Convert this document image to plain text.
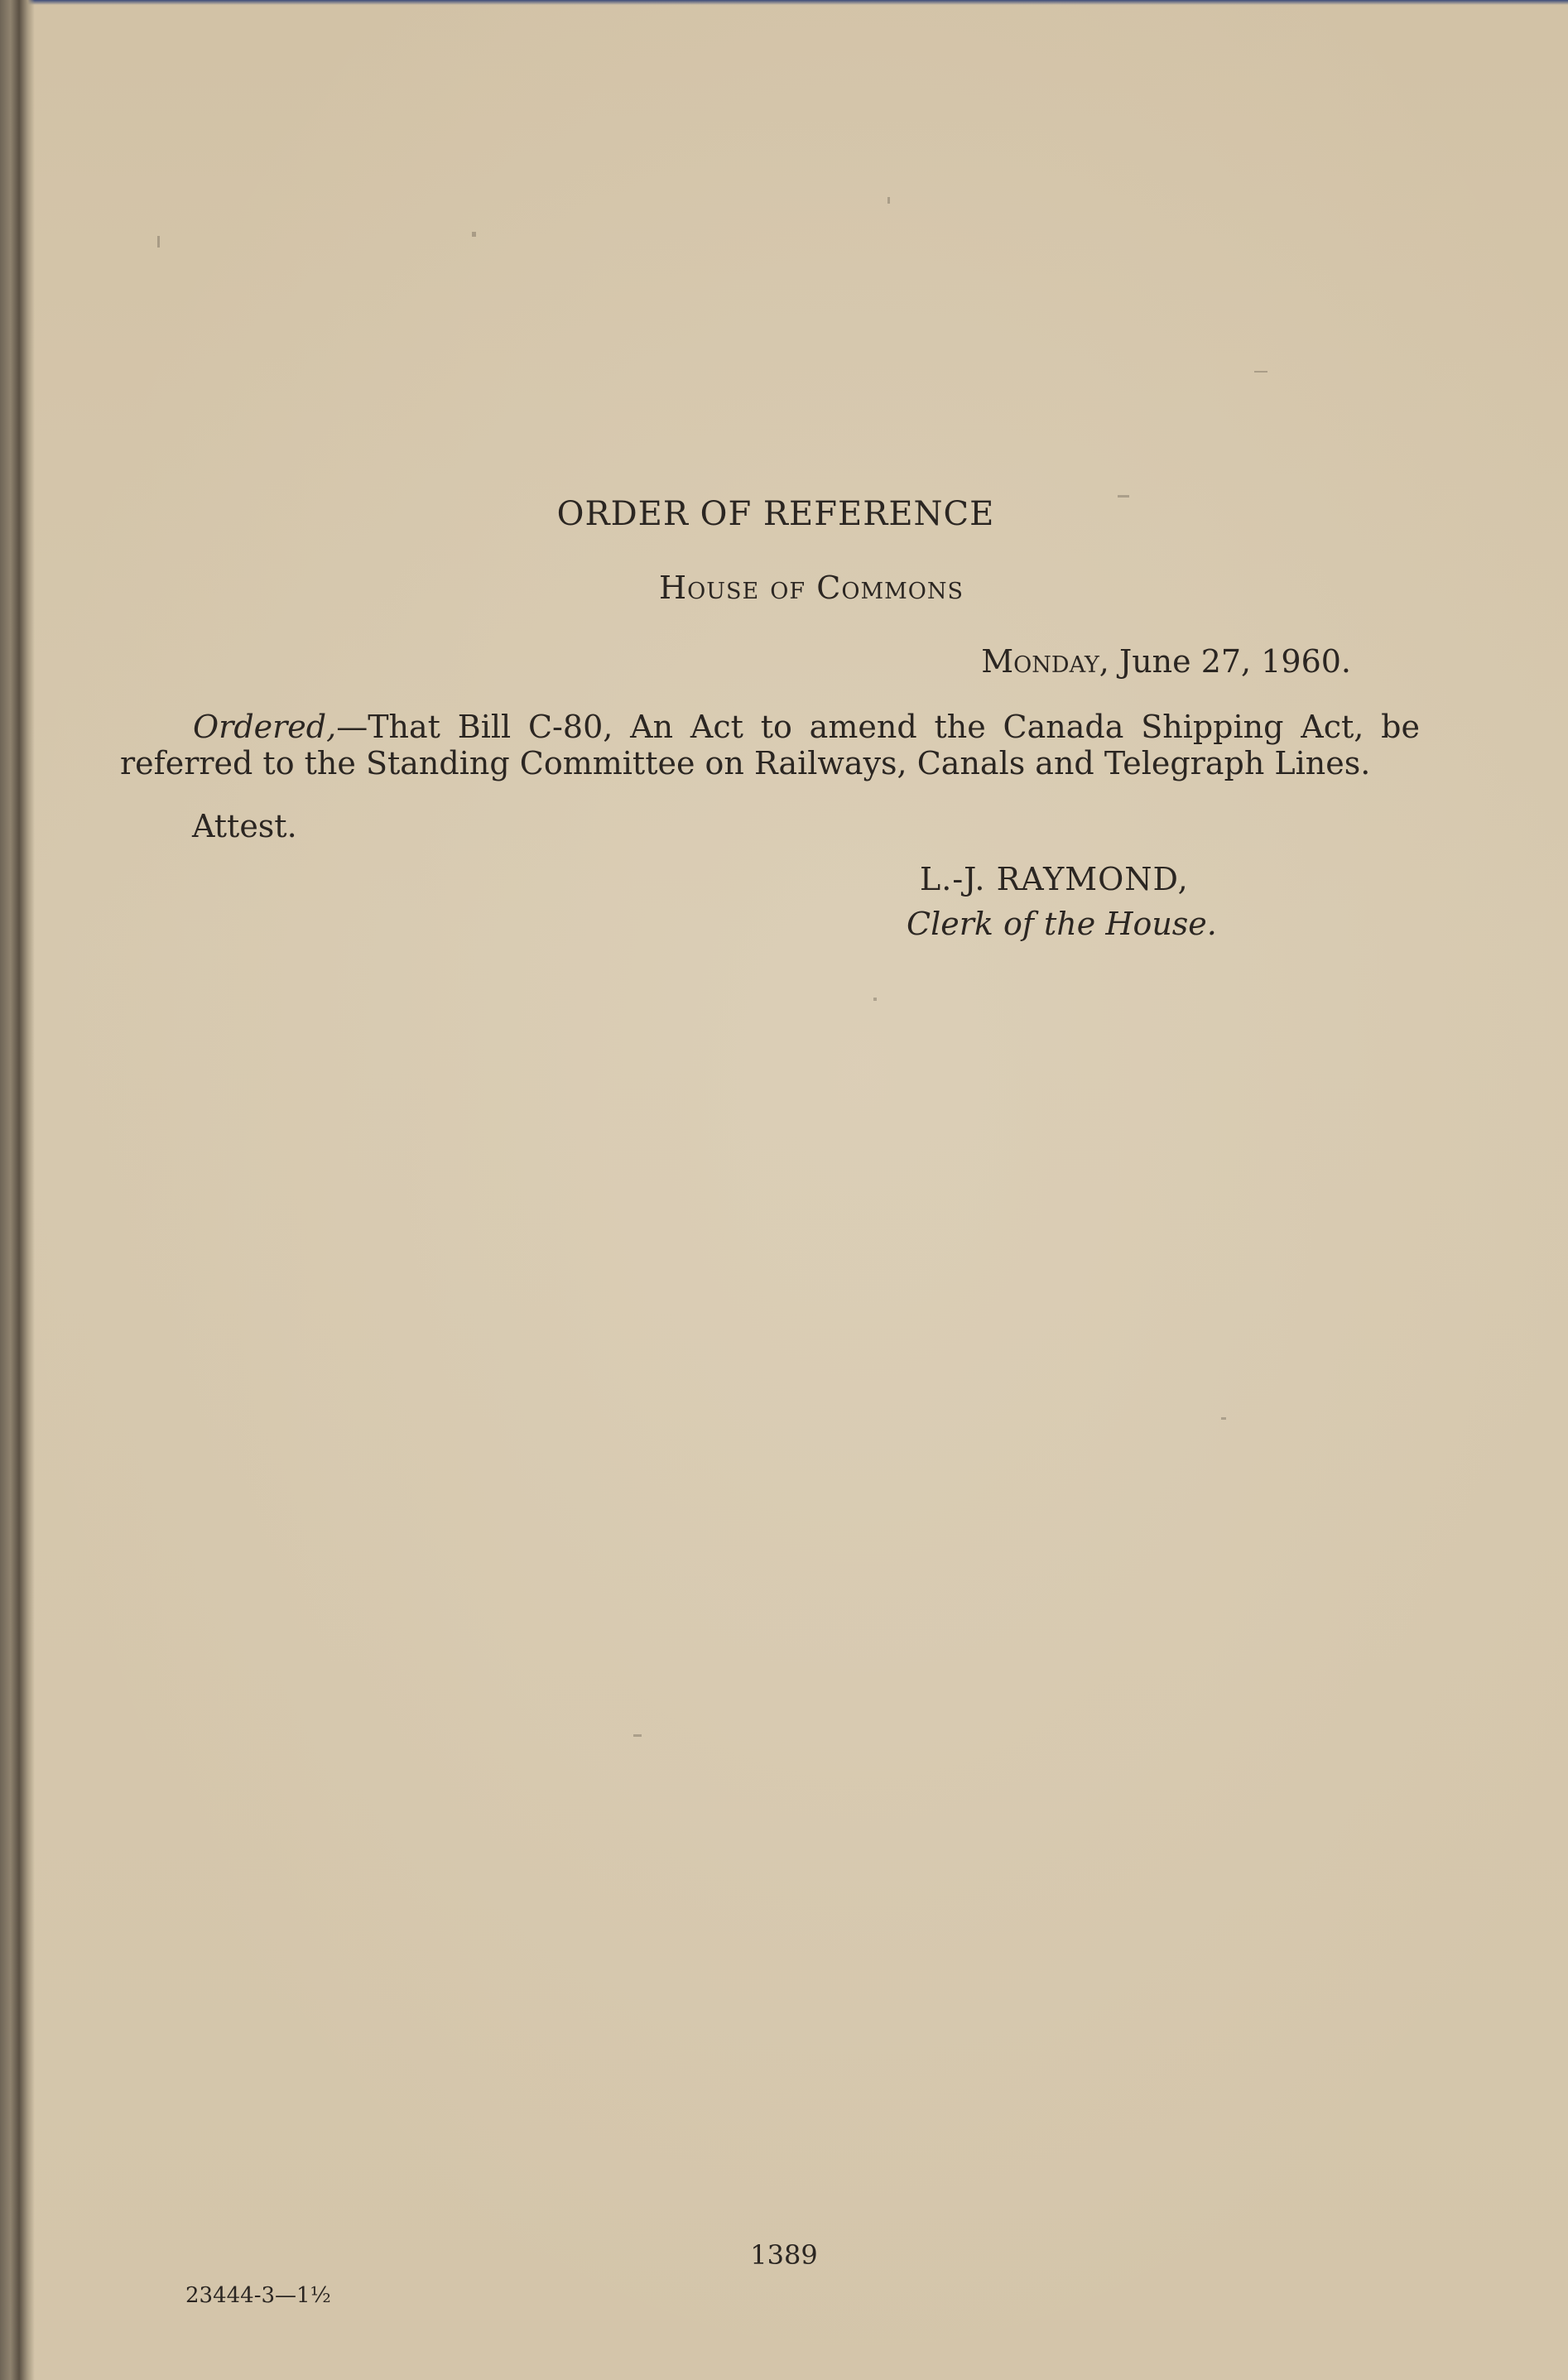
ORDER OF REFERENCE
House of Commons
Monday, June 27, 1960.
Ordered,—That Bill C-80, An Act to amend the Canada Shipping Act, be referred to the Standing Committee on Railways, Canals and Telegraph Lines.
Attest.
L.-J. RAYMOND,
Clerk of the House.
1389
23444-3—1½
